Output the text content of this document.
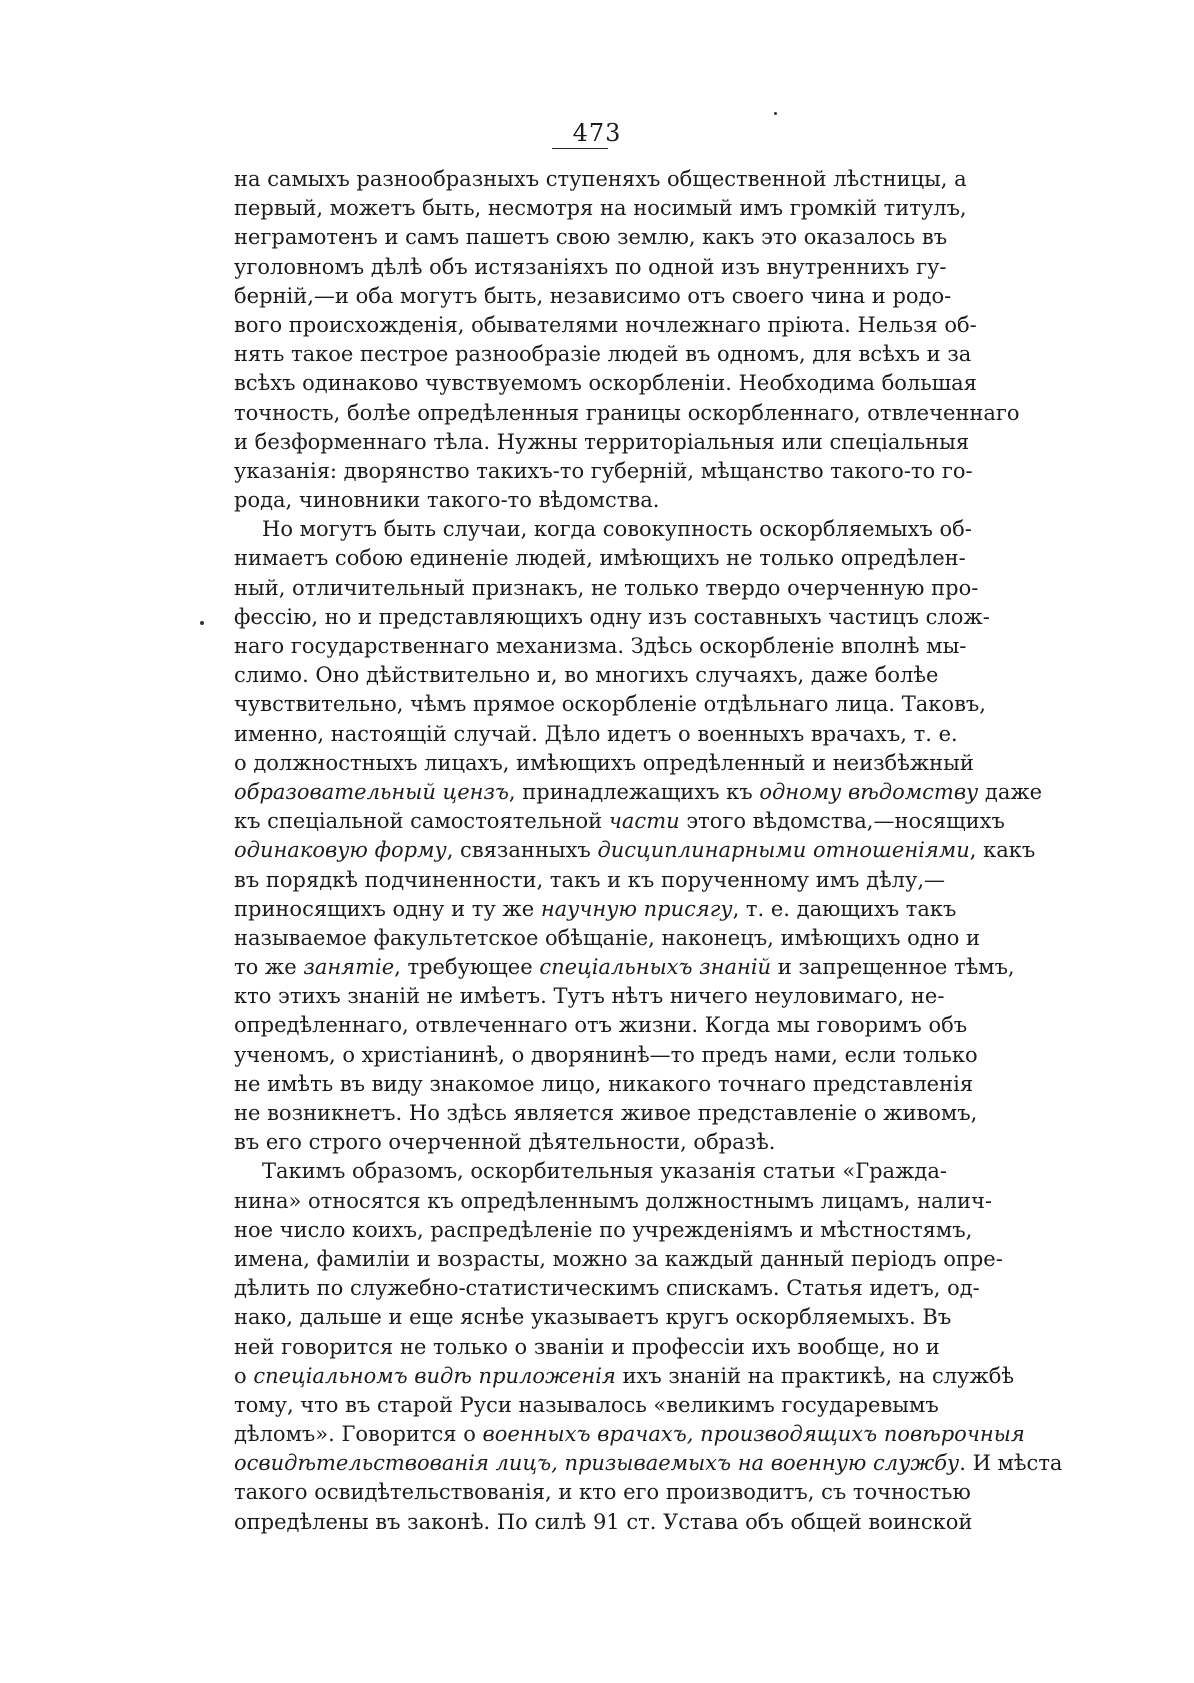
473
на самыхъ разнообразныхъ ступеняхъ общественной лѣстницы, а
первый, можетъ быть, несмотря на носимый имъ громкій титулъ,
неграмотенъ и самъ пашетъ свою землю, какъ это оказалось въ
уголовномъ дѣлѣ объ истязаніяхъ по одной изъ внутреннихъ гу-
берній,—и оба могутъ быть, независимо отъ своего чина и родо-
вого происхожденія, обывателями ночлежнаго пріюта. Нельзя об-
нять такое пестрое разнообразіе людей въ одномъ, для всѣхъ и за
всѣхъ одинаково чувствуемомъ оскорбленіи. Необходима большая
точность, болѣе опредѣленныя границы оскорбленнаго, отвлеченнаго
и безформеннаго тѣла. Нужны территоріальныя или спеціальныя
указанія: дворянство такихъ-то губерній, мѣщанство такого-то го-
рода, чиновники такого-то вѣдомства.
Но могутъ быть случаи, когда совокупность оскорбляемыхъ об-
нимаетъ собою единеніе людей, имѣющихъ не только опредѣлен-
ный, отличительный признакъ, не только твердо очерченную про-
фессію, но и представляющихъ одну изъ составныхъ частицъ слож-
наго государственнаго механизма. Здѣсь оскорбленіе вполнѣ мы-
слимо. Оно дѣйствительно и, во многихъ случаяхъ, даже болѣе
чувствительно, чѣмъ прямое оскорбленіе отдѣльнаго лица. Таковъ,
именно, настоящій случай. Дѣло идетъ о военныхъ врачахъ, т. е.
о должностныхъ лицахъ, имѣющихъ опредѣленный и неизбѣжный
образовательный цензъ, принадлежащихъ къ одному вѣдомству даже
къ спеціальной самостоятельной части этого вѣдомства,—носящихъ
одинаковую форму, связанныхъ дисциплинарными отношеніями, какъ
въ порядкѣ подчиненности, такъ и къ порученному имъ дѣлу,—
приносящихъ одну и ту же научную присягу, т. е. дающихъ такъ
называемое факультетское обѣщаніе, наконецъ, имѣющихъ одно и
то же занятіе, требующее спеціальныхъ знаній и запрещенное тѣмъ,
кто этихъ знаній не имѣетъ. Тутъ нѣтъ ничего неуловимаго, не-
опредѣленнаго, отвлеченнаго отъ жизни. Когда мы говоримъ объ
ученомъ, о христіанинѣ, о дворянинѣ—то предъ нами, если только
не имѣть въ виду знакомое лицо, никакого точнаго представленія
не возникнетъ. Но здѣсь является живое представленіе о живомъ,
въ его строго очерченной дѣятельности, образѣ.
Такимъ образомъ, оскорбительныя указанія статьи «Гражда-
нина» относятся къ опредѣленнымъ должностнымъ лицамъ, налич-
ное число коихъ, распредѣленіе по учрежденіямъ и мѣстностямъ,
имена, фамиліи и возрасты, можно за каждый данный періодъ опре-
дѣлить по служебно-статистическимъ спискамъ. Статья идетъ, од-
нако, дальше и еще яснѣе указываетъ кругъ оскорбляемыхъ. Въ
ней говорится не только о званіи и профессіи ихъ вообще, но и
о спеціальномъ видѣ приложенія ихъ знаній на практикѣ, на службѣ
тому, что въ старой Руси называлось «великимъ государевымъ
дѣломъ». Говорится о военныхъ врачахъ, производящихъ повѣрочныя
освидѣтельствованія лицъ, призываемыхъ на военную службу. И мѣста
такого освидѣтельствованія, и кто его производитъ, съ точностью
опредѣлены въ законѣ. По силѣ 91 ст. Устава объ общей воинской
